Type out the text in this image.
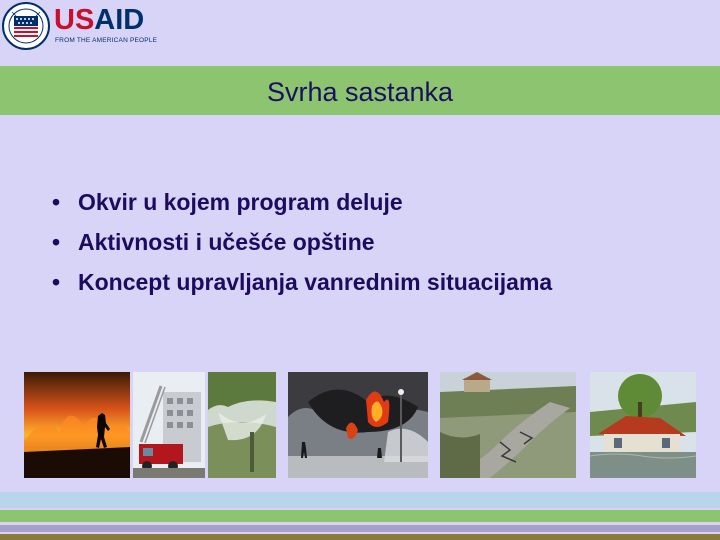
USAID
FROM THE AMERICAN PEOPLE
Svrha sastanka
• Okvir u kojem program deluje
• Aktivnosti i učešće opštine
• Koncept upravljanja vanrednim situacijama
